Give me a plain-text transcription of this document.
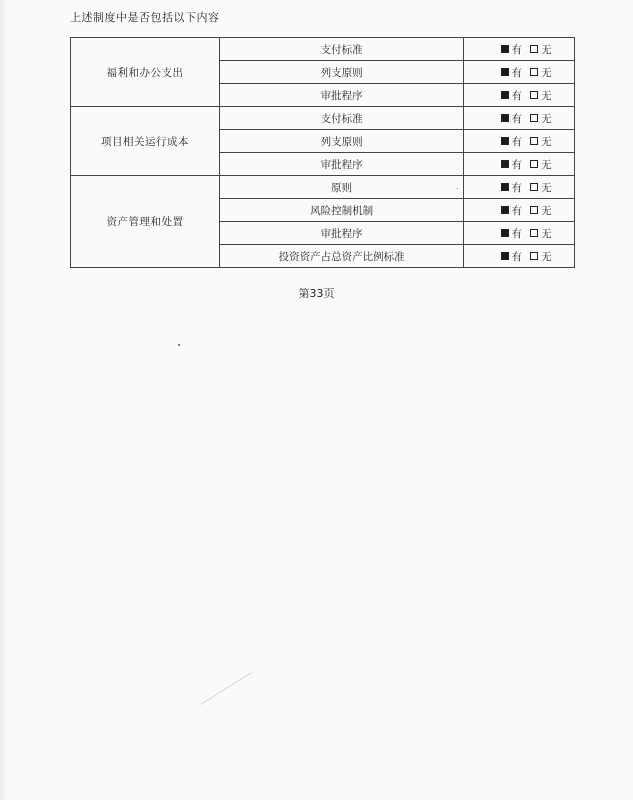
上述制度中是否包括以下内容
福利和办公支出	支付标准	有 无

	列支原则	有 无

	审批程序	有 无

项目相关运行成本	支付标准	有 无

	列支原则	有 无

	审批程序	有 无

资产管理和处置	原则	有 无

	风险控制机制	有 无

	审批程序	有 无

	投资资产占总资产比例标准	有 无
第33页
